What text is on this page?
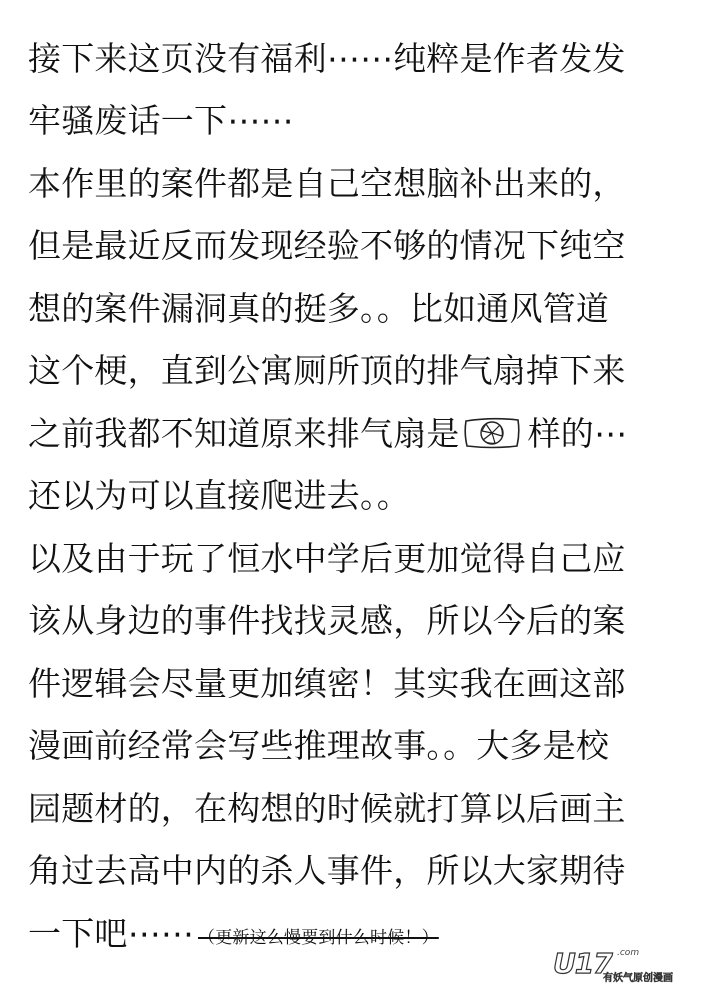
接下来这页没有福利⋯⋯纯粹是作者发发
牢骚废话一下⋯⋯
本作里的案件都是自己空想脑补出来的，
但是最近反而发现经验不够的情况下纯空
想的案件漏洞真的挺多。。比如通风管道
这个梗，直到公寓厕所顶的排气扇掉下来
之前我都不知道原来排气扇是 样的⋯
还以为可以直接爬进去。。
以及由于玩了恒水中学后更加觉得自己应
该从身边的事件找找灵感，所以今后的案
件逻辑会尽量更加缜密！其实我在画这部
漫画前经常会写些推理故事。。大多是校
园题材的，在构想的时候就打算以后画主
角过去高中内的杀人事件，所以大家期待
一下吧⋯⋯ （更新这么慢要到什么时候！）
U17 .com
有妖气原创漫画
